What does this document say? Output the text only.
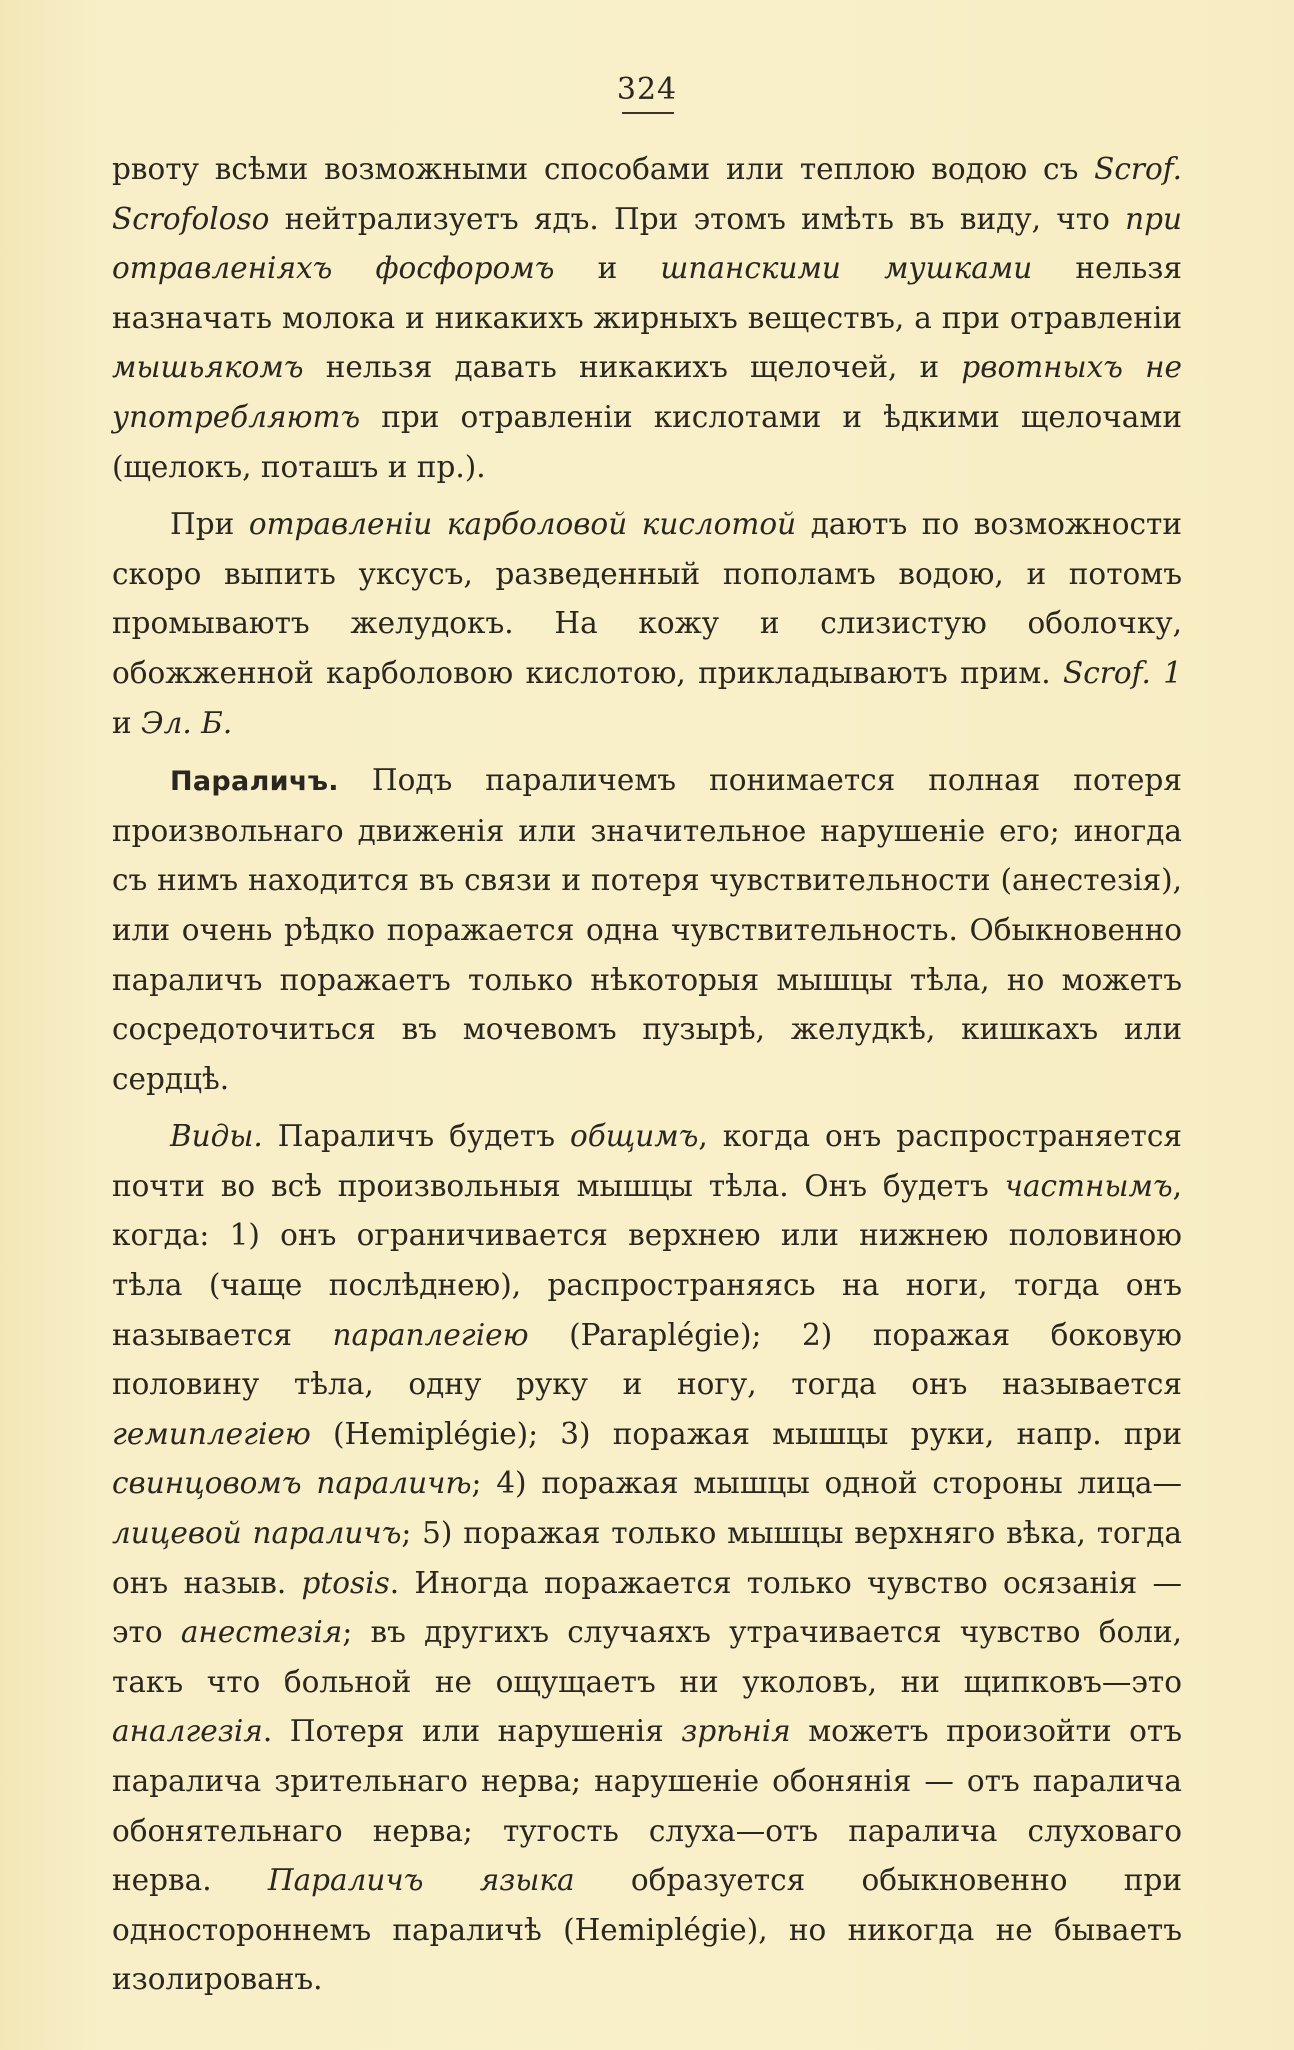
324

рвоту всѣми возможными способами или теплою водою съ Scrof. Scrofoloso нейтрализуетъ ядъ. При этомъ имѣть въ виду, что при отравленіяхъ фосфоромъ и шпанскими мушками нельзя назначать молока и никакихъ жирныхъ веществъ, а при отравленіи мышьякомъ нельзя давать никакихъ щелочей, и рвотныхъ не употребляютъ при отравленіи кислотами и ѣдкими щелочами (щелокъ, поташъ и пр.).

При отравленіи карболовой кислотой даютъ по возможности скоро выпить уксусъ, разведенный пополамъ водою, и потомъ промываютъ желудокъ. На кожу и слизистую оболочку, обожженной карболовою кислотою, прикладываютъ прим. Scrof. 1 и Эл. Б.

Параличъ. Подъ параличемъ понимается полная потеря произвольнаго движенія или значительное нарушеніе его; иногда съ нимъ находится въ связи и потеря чувствительности (анестезія), или очень рѣдко поражается одна чувствительность. Обыкновенно параличъ поражаетъ только нѣкоторыя мышцы тѣла, но можетъ сосредоточиться въ мочевомъ пузырѣ, желудкѣ, кишкахъ или сердцѣ.

Виды. Параличъ будетъ общимъ, когда онъ распространяется почти во всѣ произвольныя мышцы тѣла. Онъ будетъ частнымъ, когда: 1) онъ ограничивается верхнею или нижнею половиною тѣла (чаще послѣднею), распространяясь на ноги, тогда онъ называется параплегіею (Paraplégie); 2) поражая боковую половину тѣла, одну руку и ногу, тогда онъ называется гемиплегіею (Hemiplégie); 3) поражая мышцы руки, напр. при свинцовомъ параличѣ; 4) поражая мышцы одной стороны лица—лицевой параличъ; 5) поражая только мышцы верхняго вѣка, тогда онъ назыв. ptosis. Иногда поражается только чувство осязанія — это анестезія; въ другихъ случаяхъ утрачивается чувство боли, такъ что больной не ощущаетъ ни уколовъ, ни щипковъ—это аналгезія. Потеря или нарушенія зрѣнія можетъ произойти отъ паралича зрительнаго нерва; нарушеніе обонянія — отъ паралича обонятельнаго нерва; тугость слуха—отъ паралича слуховаго нерва. Параличъ языка образуется обыкновенно при одностороннемъ параличѣ (Hemiplégie), но никогда не бываетъ изолированъ.
